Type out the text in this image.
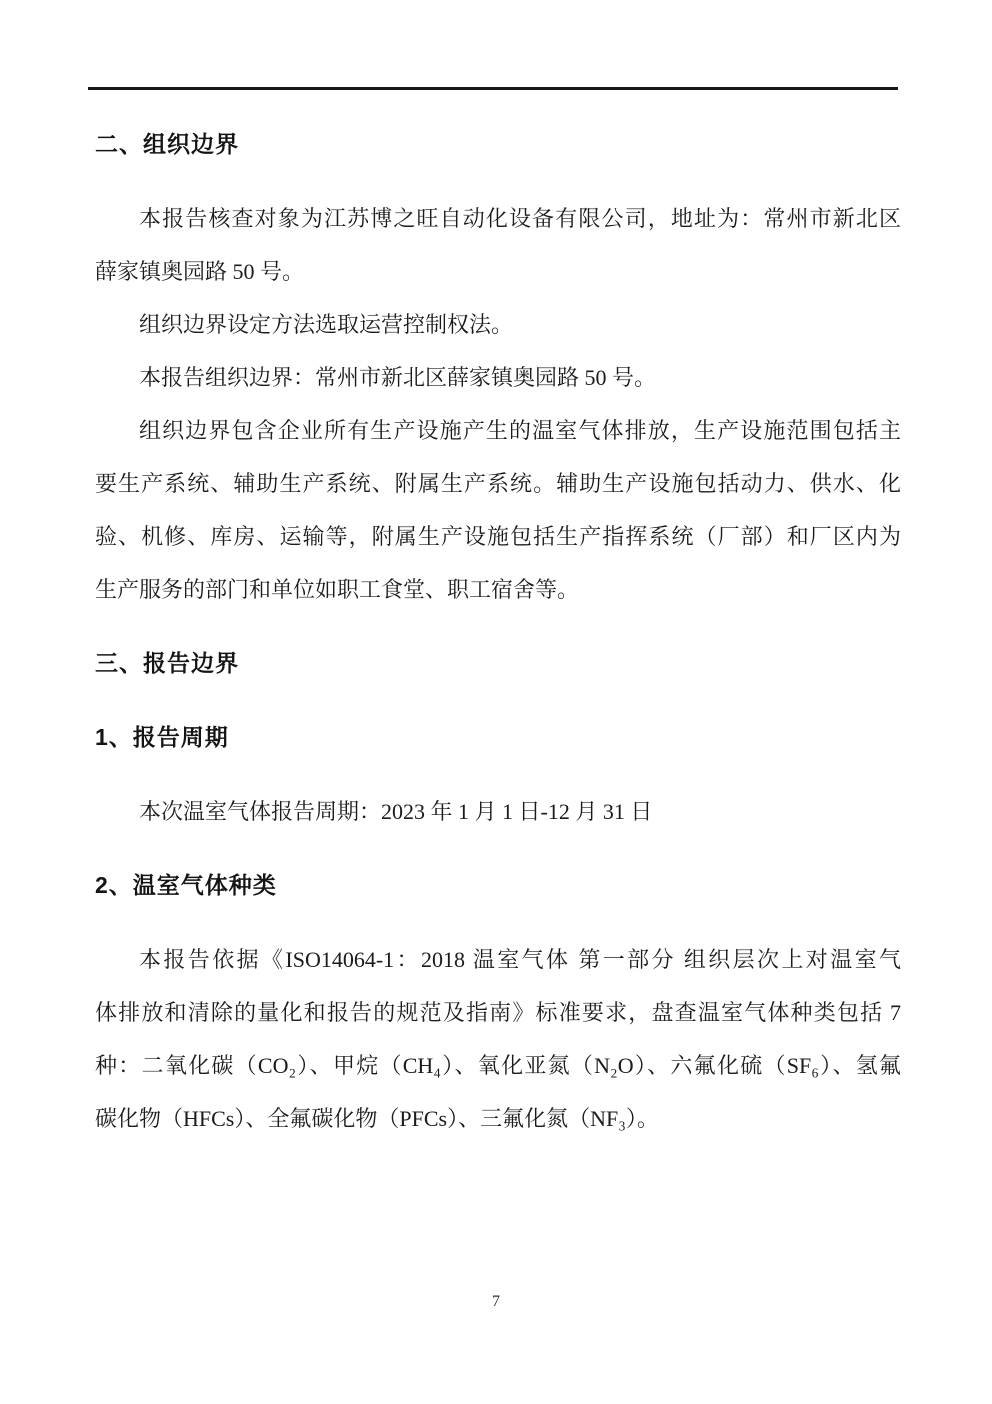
二、组织边界
本报告核查对象为江苏博之旺自动化设备有限公司，地址为：常州市新北区
薛家镇奥园路 50 号。
组织边界设定方法选取运营控制权法。
本报告组织边界：常州市新北区薛家镇奥园路 50 号。
组织边界包含企业所有生产设施产生的温室气体排放，生产设施范围包括主
要生产系统、辅助生产系统、附属生产系统。辅助生产设施包括动力、供水、化
验、机修、库房、运输等，附属生产设施包括生产指挥系统（厂部）和厂区内为
生产服务的部门和单位如职工食堂、职工宿舍等。
三、报告边界
1、报告周期
本次温室气体报告周期：2023 年 1 月 1 日-12 月 31 日
2、温室气体种类
本报告依据《ISO14064-1：2018 温室气体 第一部分 组织层次上对温室气
体排放和清除的量化和报告的规范及指南》标准要求，盘查温室气体种类包括 7
种：二氧化碳（CO₂）、甲烷（CH₄）、氧化亚氮（N₂O）、六氟化硫（SF₆）、氢氟
碳化物（HFCs）、全氟碳化物（PFCs）、三氟化氮（NF₃）。
7
